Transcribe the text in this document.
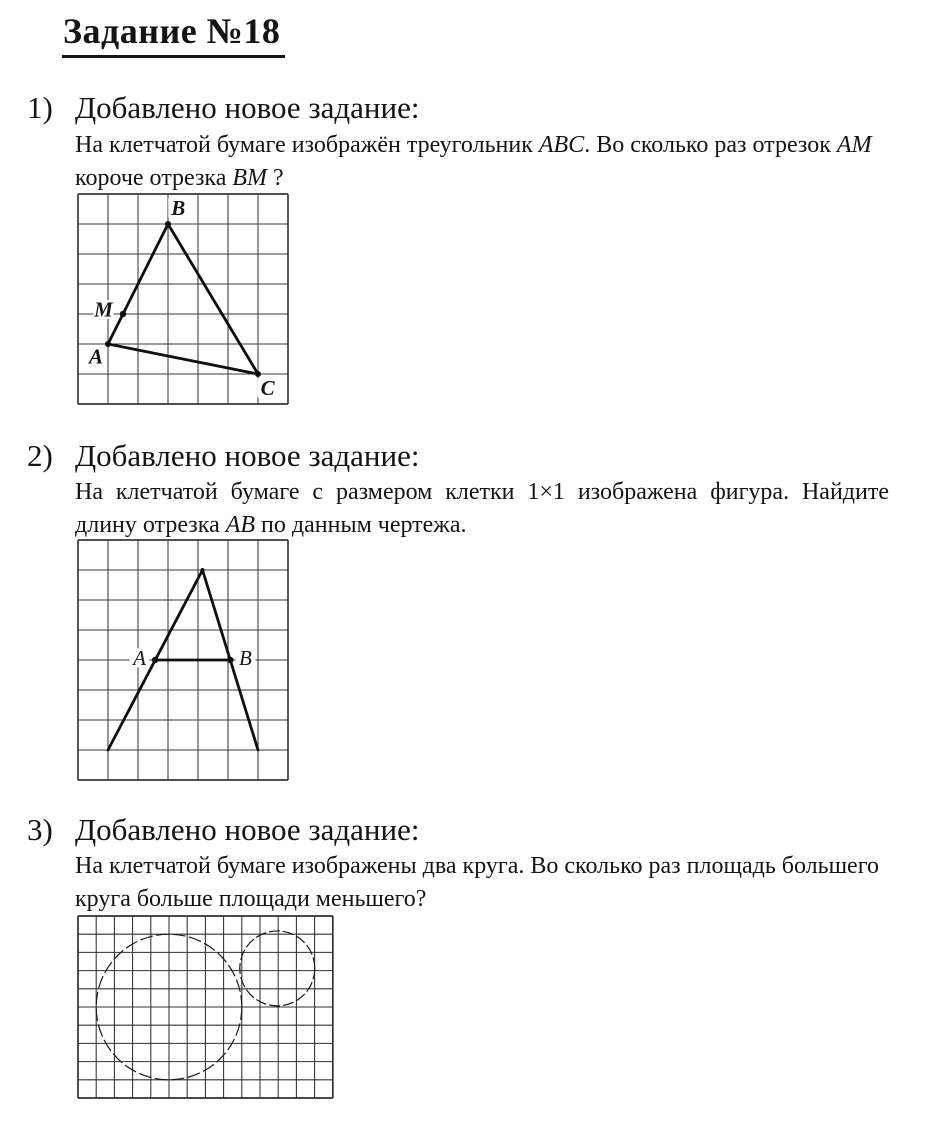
Задание №18
1) Добавлено новое задание:
На клетчатой бумаге изображён треугольник ABC. Во сколько раз отрезок AM
короче отрезка BM ?
B
M
A
C
2) Добавлено новое задание:
На клетчатой бумаге с размером клетки 1×1 изображена фигура. Найдите
длину отрезка AB по данным чертежа.
A	B
3) Добавлено новое задание:
На клетчатой бумаге изображены два круга. Во сколько раз площадь большего
круга больше площади меньшего?
